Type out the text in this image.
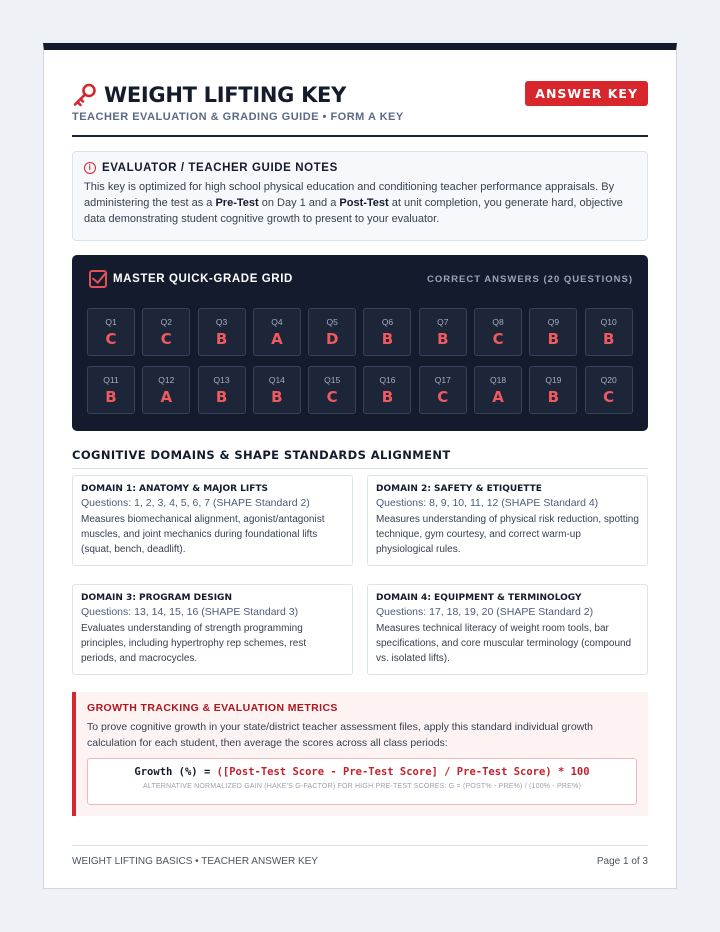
WEIGHT LIFTING KEY
TEACHER EVALUATION & GRADING GUIDE • FORM A KEY
ANSWER KEY
i EVALUATOR / TEACHER GUIDE NOTES
This key is optimized for high school physical education and conditioning teacher performance appraisals. By administering the test as a Pre-Test on Day 1 and a Post-Test at unit completion, you generate hard, objective data demonstrating student cognitive growth to present to your evaluator.
MASTER QUICK-GRADE GRID	CORRECT ANSWERS (20 QUESTIONS)
Q1
C
Q2
C
Q3
B
Q4
A
Q5
D
Q6
B
Q7
B
Q8
C
Q9
B
Q10
B
Q11
B
Q12
A
Q13
B
Q14
B
Q15
C
Q16
B
Q17
C
Q18
A
Q19
B
Q20
C
COGNITIVE DOMAINS & SHAPE STANDARDS ALIGNMENT
DOMAIN 1: ANATOMY & MAJOR LIFTS
Questions: 1, 2, 3, 4, 5, 6, 7 (SHAPE Standard 2)
Measures biomechanical alignment, agonist/antagonist muscles, and joint mechanics during foundational lifts (squat, bench, deadlift).
DOMAIN 2: SAFETY & ETIQUETTE
Questions: 8, 9, 10, 11, 12 (SHAPE Standard 4)
Measures understanding of physical risk reduction, spotting technique, gym courtesy, and correct warm-up physiological rules.
DOMAIN 3: PROGRAM DESIGN
Questions: 13, 14, 15, 16 (SHAPE Standard 3)
Evaluates understanding of strength programming principles, including hypertrophy rep schemes, rest periods, and macrocycles.
DOMAIN 4: EQUIPMENT & TERMINOLOGY
Questions: 17, 18, 19, 20 (SHAPE Standard 2)
Measures technical literacy of weight room tools, bar specifications, and core muscular terminology (compound vs. isolated lifts).
GROWTH TRACKING & EVALUATION METRICS
To prove cognitive growth in your state/district teacher assessment files, apply this standard individual growth calculation for each student, then average the scores across all class periods:
Growth (%) = ([Post-Test Score - Pre-Test Score] / Pre-Test Score) * 100
ALTERNATIVE NORMALIZED GAIN (HAKE'S G-FACTOR) FOR HIGH PRE-TEST SCORES: G = (POST% - PRE%) / (100% - PRE%)
WEIGHT LIFTING BASICS • TEACHER ANSWER KEY	Page 1 of 3
